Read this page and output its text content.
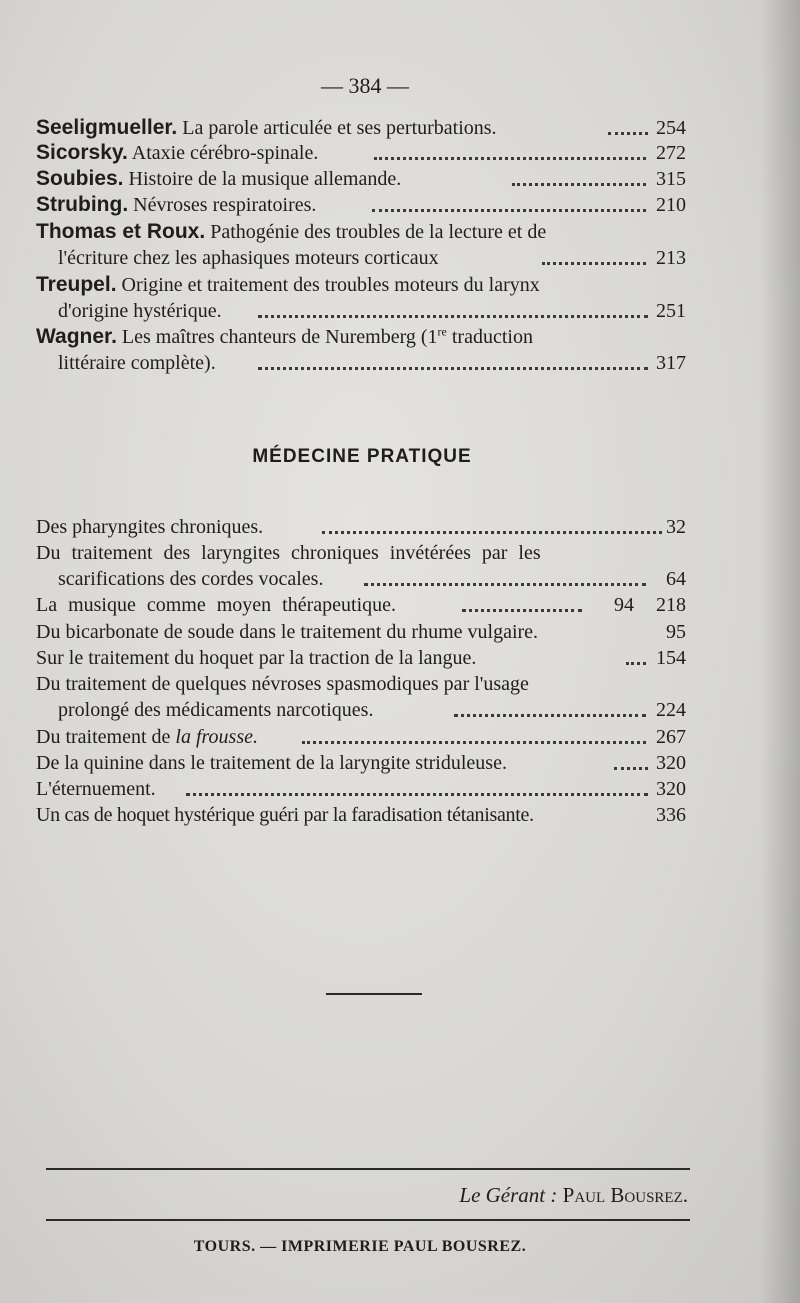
— 384 —
Seeligmueller. La parole articulée et ses perturbations.	254
Sicorsky. Ataxie cérébro-spinale.	272
Soubies. Histoire de la musique allemande.	315
Strubing. Névroses respiratoires.	210
Thomas et Roux. Pathogénie des troubles de la lecture et de
l'écriture chez les aphasiques moteurs corticaux	213
Treupel. Origine et traitement des troubles moteurs du larynx
d'origine hystérique.	251
Wagner. Les maîtres chanteurs de Nuremberg (1re traduction
littéraire complète).	317
MÉDECINE PRATIQUE
Des pharyngites chroniques.	32
Du traitement des laryngites chroniques invétérées par les
scarifications des cordes vocales.	64
La musique comme moyen thérapeutique.	94 218
Du bicarbonate de soude dans le traitement du rhume vulgaire.	95
Sur le traitement du hoquet par la traction de la langue.	154
Du traitement de quelques névroses spasmodiques par l'usage
prolongé des médicaments narcotiques.	224
Du traitement de la frousse.	267
De la quinine dans le traitement de la laryngite striduleuse.	320
L'éternuement.	320
Un cas de hoquet hystérique guéri par la faradisation tétanisante.	336
Le Gérant : Paul Bousrez.
TOURS. — IMPRIMERIE PAUL BOUSREZ.
